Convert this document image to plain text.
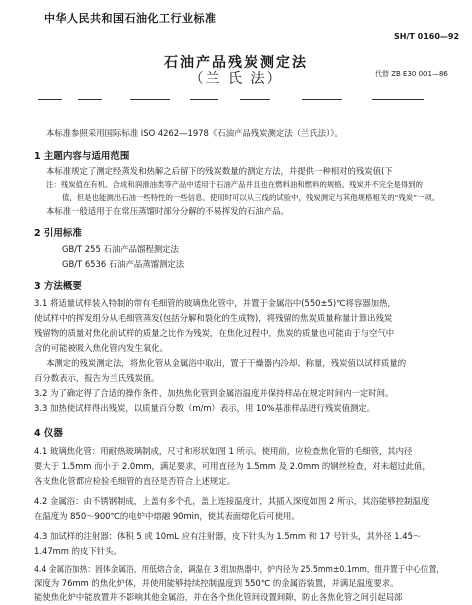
中华人民共和国石油化工行业标准
SH/T 0160—92
石油产品残炭测定法
（兰 氏 法）	代替 ZB E30 001—86
本标准参照采用国际标准 ISO 4262—1978《石油产品残炭测定法（兰氏法）》。
1 主题内容与适用范围
本标准规定了测定经蒸发和热解之后留下的残炭数量的测定方法，并提供一种相对的残炭值(下
注：残炭值在有机、合成和润滑油类等产品中适用于石油产品并且也在燃料油和燃料的规格。残炭并不完全是得到的
值，但是也能测出石油一些特性的一些信息。使用时可以从三线的试验中，残炭测定与其他规格相关的“残炭”一项。
本标准一般适用于在常压蒸馏时部分分解的不易挥发的石油产品。
2 引用标准
GB/T 255 石油产品馏程测定法
GB/T 6536 石油产品蒸馏测定法
3 方法概要
3.1 将适量试样装入特制的带有毛细管的玻璃焦化管中，并置于金属浴中(550±5)℃将容器加热，
使试样中的挥发组分从毛细管蒸发(包括分解和裂化的生成物)，将残留的焦炭质量称量计算出残炭
残留物的质量对焦化前试样的质量之比作为残炭，在焦化过程中，焦炭的质量也可能由于与空气中
含的可能被吸入焦化管内发生氧化。
本测定的残炭测定法，将焦化管从金属浴中取出，置于干燥器内冷却、称量，残炭值以试样质量的
百分数表示，报告为兰氏残炭值。
3.2 为了确定得了合适的操作条件，加热焦化管到金属浴温度并保持样品在规定时间内一定时间。
3.3 加热使试样得出残炭，以质量百分数（m/m）表示，用 10%基准样品进行残炭值测定。
4 仪器
4.1 玻璃焦化管：用耐热玻璃制成，尺寸和形状如图 1 所示。使用前，应检查焦化管的毛细管，其内径
要大于 1.5mm 而小于 2.0mm，满足要求，可用直径为 1.5mm 及 2.0mm 的钢丝检查，对未超过此值，
各支焦化管都应检验毛细管的直径是否符合上述规定。
4.2 金属浴：由不锈钢制成，上盖有多个孔，盖上连接温度计，其插入深度如图 2 所示，其浴能够控制温度
在温度为 850～900℃的电炉中熔融 90min，使其表面熔化后可使用。
4.3 加试样的注射器：体积 5 或 10mL 应有注射器，皮下针头为 1.5mm 和 17 号针头，其外径 1.45～
1.47mm 的皮下针头。
4.4 金属浴加热：固体金属浴，用低熔合金，调温在 3 组加热器中，炉内径为 25.5mm±0.1mm，组并置于中心位置，
深度为 76mm 的焦化炉体，并使用能够持续控制温度到 550℃ 的金属浴装置，并满足温度要求。
能使焦化炉中能放置并不影响其他金属浴，并在各个焦化管间设置间隙，防止各焦化管之间引起局部
